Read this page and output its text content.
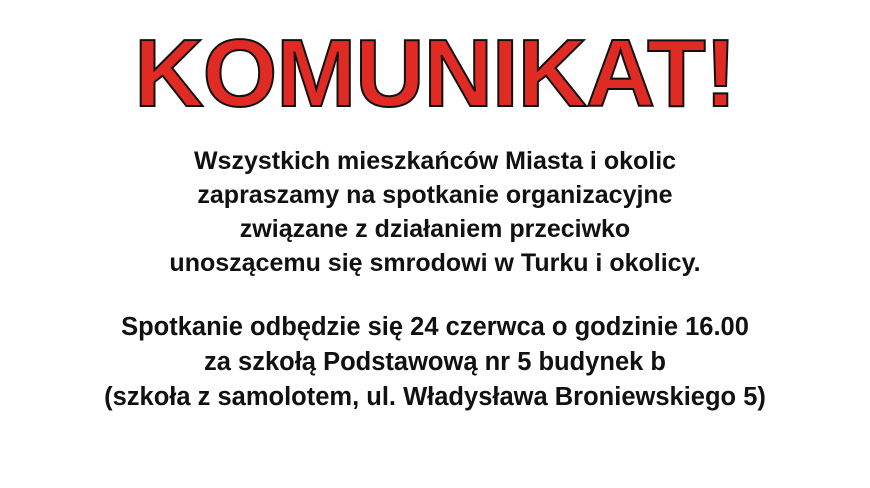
KOMUNIKAT!

Wszystkich mieszkańców Miasta i okolic
zapraszamy na spotkanie organizacyjne
związane z działaniem przeciwko
unoszącemu się smrodowi w Turku i okolicy.

Spotkanie odbędzie się 24 czerwca o godzinie 16.00
za szkołą Podstawową nr 5 budynek b
(szkoła z samolotem, ul. Władysława Broniewskiego 5)
